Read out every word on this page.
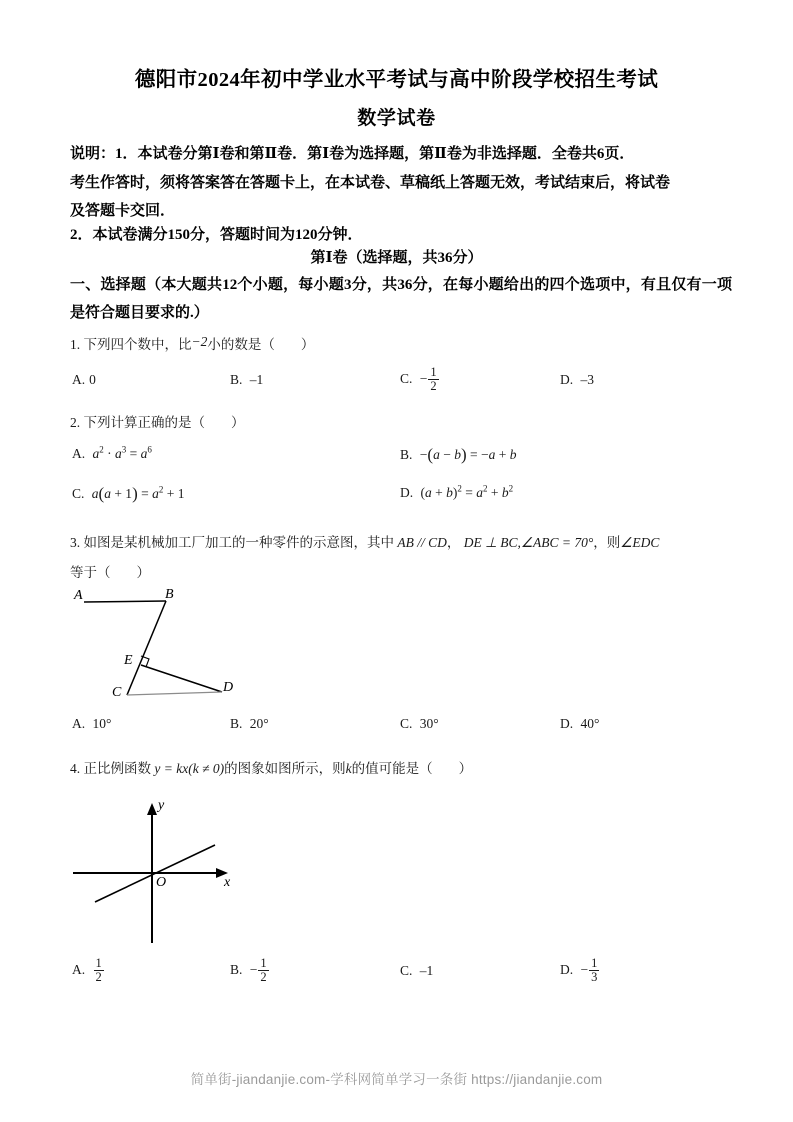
德阳市2024年初中学业水平考试与高中阶段学校招生考试
数学试卷
说明：1．本试卷分第Ⅰ卷和第Ⅱ卷．第Ⅰ卷为选择题，第Ⅱ卷为非选择题．全卷共6页．
考生作答时，须将答案答在答题卡上，在本试卷、草稿纸上答题无效，考试结束后，将试卷
及答题卡交回．
2．本试卷满分150分，答题时间为120分钟．
第Ⅰ卷（选择题，共36分）
一、选择题（本大题共12个小题，每小题3分，共36分，在每小题给出的四个选项中，有且仅有一项是符合题目要求的.）
1. 下列四个数中，比−2小的数是（ ）
A. 0	B. –1	C. − $\frac{1}{2}$	D. –3
2. 下列计算正确的是（ ）
A. $a^2 \cdot a^3 = a^6$	B. −(a − b) = −a + b
C. $a(a + 1) = a^2 + 1$	D. $(a + b)^2 = a^2 + b^2$
3. 如图是某机械加工厂加工的一种零件的示意图，其中 AB // CD， DE ⊥ BC,∠ABC = 70°，则∠EDC
等于（ ）
A	B
E
C	D
A. 10°	B. 20°	C. 30°	D. 40°
4. 正比例函数 y = kx(k ≠ 0)的图象如图所示，则k的值可能是（ ）
y
x
O
A. $\frac{1}{2}$	B. − $\frac{1}{2}$	C. –1	D. − $\frac{1}{3}$
简单街-jiandanjie.com-学科网简单学习一条街 https://jiandanjie.com
